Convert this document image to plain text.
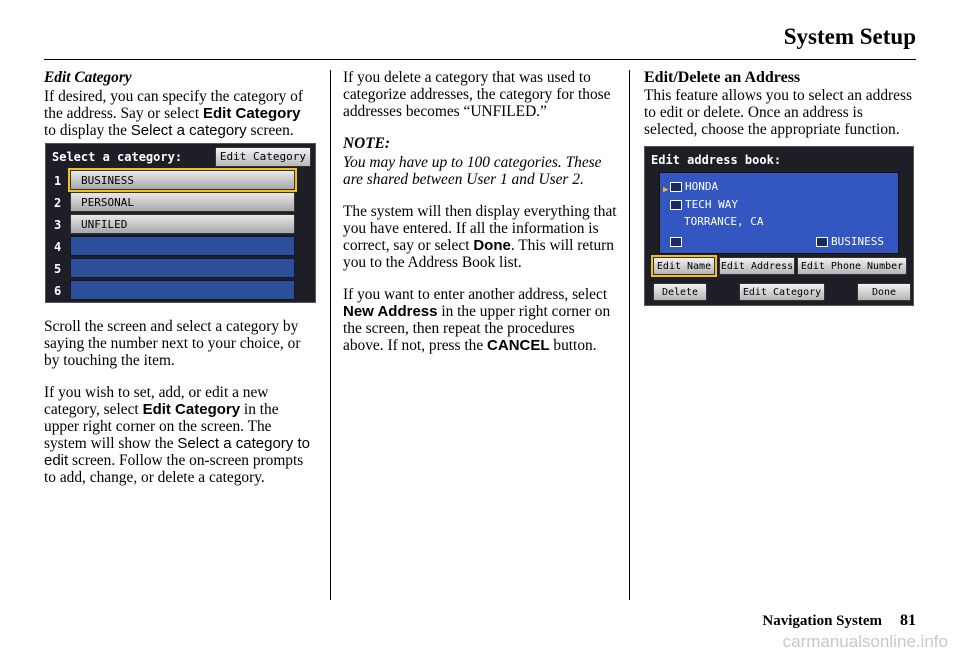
System Setup

Edit Category

If desired, you can specify the category of the address. Say or select Edit Category to display the Select a category screen.

Select a category:	Edit Category
1	BUSINESS
2	PERSONAL
3	UNFILED
4
5
6

Scroll the screen and select a category by saying the number next to your choice, or by touching the item.

If you wish to set, add, or edit a new category, select Edit Category in the upper right corner on the screen. The system will show the Select a category to edit screen. Follow the on-screen prompts to add, change, or delete a category.

If you delete a category that was used to categorize addresses, the category for those addresses becomes “UNFILED.”

NOTE:

You may have up to 100 categories. These are shared between User 1 and User 2.

The system will then display everything that you have entered. If all the information is correct, say or select Done. This will return you to the Address Book list.

If you want to enter another address, select New Address in the upper right corner on the screen, then repeat the procedures above. If not, press the CANCEL button.

Edit/Delete an Address

This feature allows you to select an address to edit or delete. Once an address is selected, choose the appropriate function.

Edit address book:
▶	HONDA
TECH WAY
TORRANCE, CA
BUSINESS
Edit Name Edit Address Edit Phone Number
Delete	Edit Category	Done
Navigation System 81
carmanualsonline.info
